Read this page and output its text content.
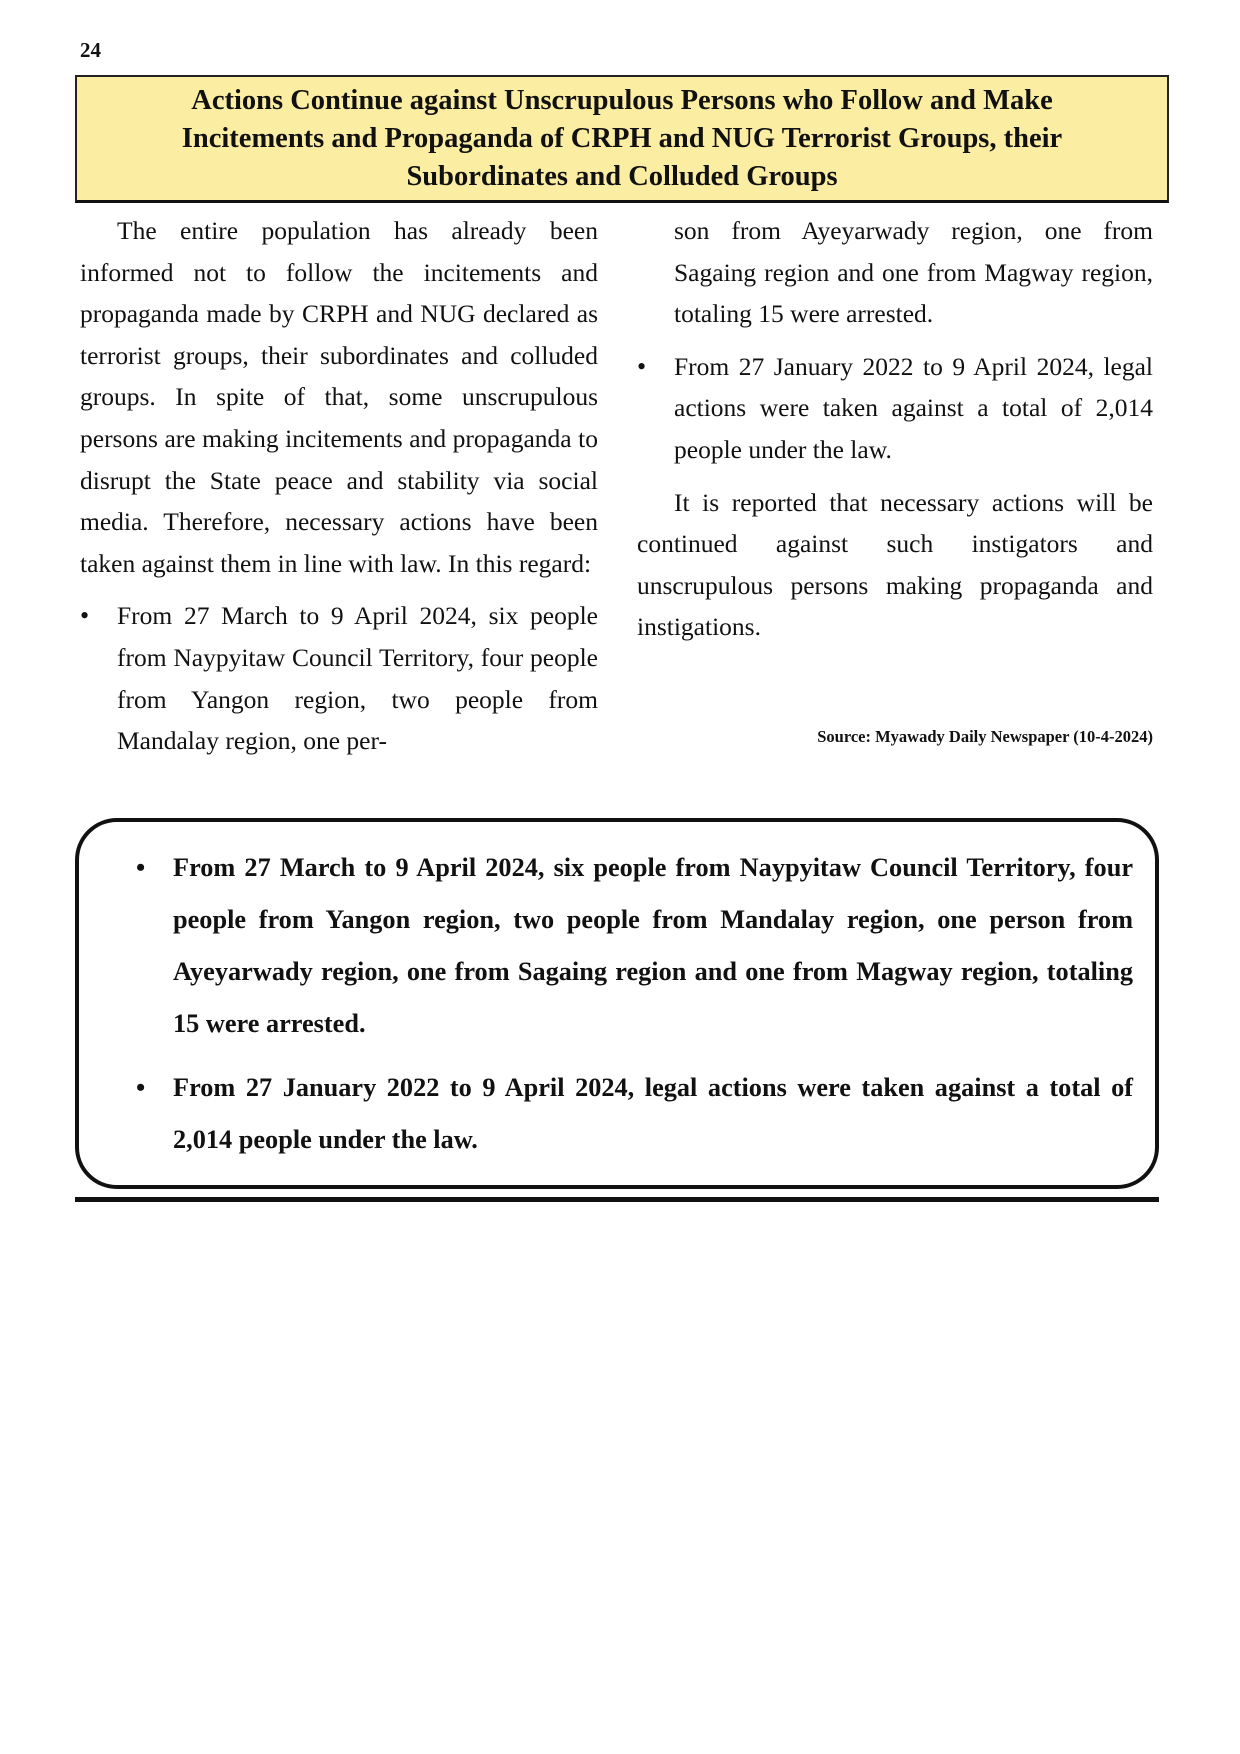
24
Actions Continue against Unscrupulous Persons who Follow and Make
Incitements and Propaganda of CRPH and NUG Terrorist Groups, their
Subordinates and Colluded Groups

The entire population has already been informed not to follow the incitements and propaganda made by CRPH and NUG declared as terrorist groups, their subordinates and colluded groups. In spite of that, some unscrupulous persons are making incitements and propaganda to disrupt the State peace and stability via social media. Therefore, necessary actions have been taken against them in line with law. In this regard:

• From 27 March to 9 April 2024, six people from Naypyitaw Council Territory, four people from Yangon region, two people from Mandalay region, one per-

son from Ayeyarwady region, one from Sagaing region and one from Magway region, totaling 15 were arrested.

• From 27 January 2022 to 9 April 2024, legal actions were taken against a total of 2,014 people under the law.

It is reported that necessary actions will be continued against such instigators and unscrupulous persons making propaganda and instigations.

Source: Myawady Daily Newspaper (10-4-2024)
• From 27 March to 9 April 2024, six people from Naypyitaw Council Territory, four people from Yangon region, two people from Mandalay region, one person from Ayeyarwady region, one from Sagaing region and one from Magway region, totaling 15 were arrested.
• From 27 January 2022 to 9 April 2024, legal actions were taken against a total of 2,014 people under the law.
